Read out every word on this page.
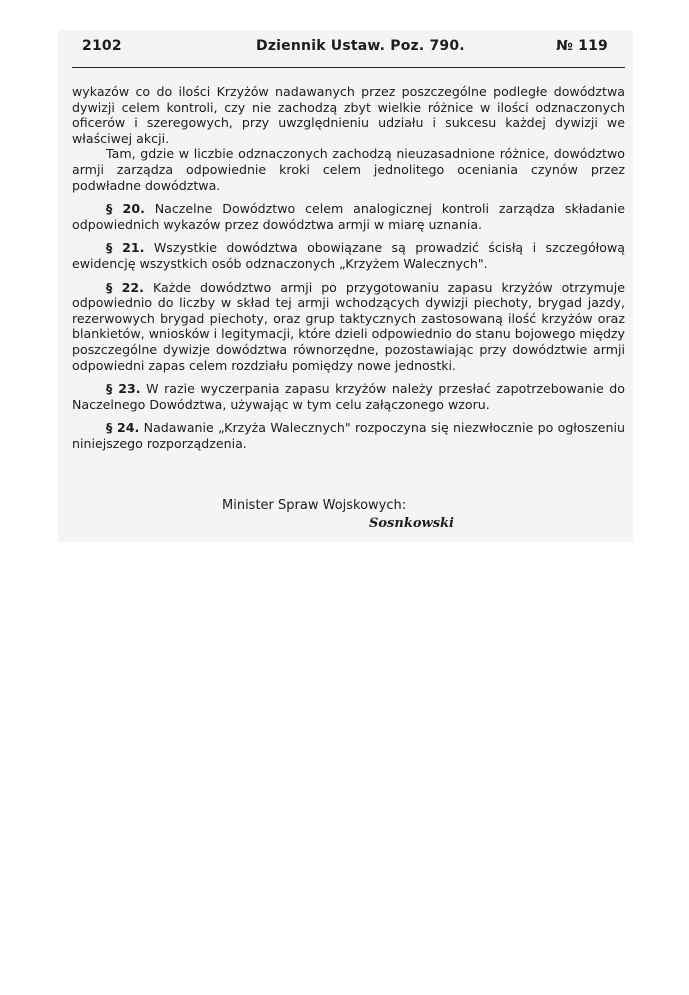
2102	Dziennik Ustaw. Poz. 790.	№ 119

wykazów co do ilości Krzyżów nadawanych przez poszczególne podległe dowództwa dywizji celem kontroli, czy nie zachodzą zbyt wielkie różnice w ilości odznaczonych oficerów i szeregowych, przy uwzględnieniu udziału i sukcesu każdej dywizji we właściwej akcji.

Tam, gdzie w liczbie odznaczonych zachodzą nieuzasadnione różnice, dowództwo armji zarządza odpowiednie kroki celem jednolitego oceniania czynów przez podwładne dowództwa.

§ 20. Naczelne Dowództwo celem analogicznej kontroli zarządza składanie odpowiednich wykazów przez dowództwa armji w miarę uznania.

§ 21. Wszystkie dowództwa obowiązane są prowadzić ścisłą i szczegółową ewidencję wszystkich osób odznaczonych „Krzyżem Walecznych".

§ 22. Każde dowództwo armji po przygotowaniu zapasu krzyżów otrzymuje odpowiednio do liczby w skład tej armji wchodzących dywizji piechoty, brygad jazdy, rezerwowych brygad piechoty, oraz grup taktycznych zastosowaną ilość krzyżów oraz blankietów, wniosków i legitymacji, które dzieli odpowiednio do stanu bojowego między poszczególne dywizje dowództwa równorzędne, pozostawiając przy dowództwie armji odpowiedni zapas celem rozdziału pomiędzy nowe jednostki.

§ 23. W razie wyczerpania zapasu krzyżów należy przesłać zapotrzebowanie do Naczelnego Dowództwa, używając w tym celu załączonego wzoru.

§ 24. Nadawanie „Krzyża Walecznych" rozpoczyna się niezwłocznie po ogłoszeniu niniejszego rozporządzenia.

Minister Spraw Wojskowych:
Sosnkowski
